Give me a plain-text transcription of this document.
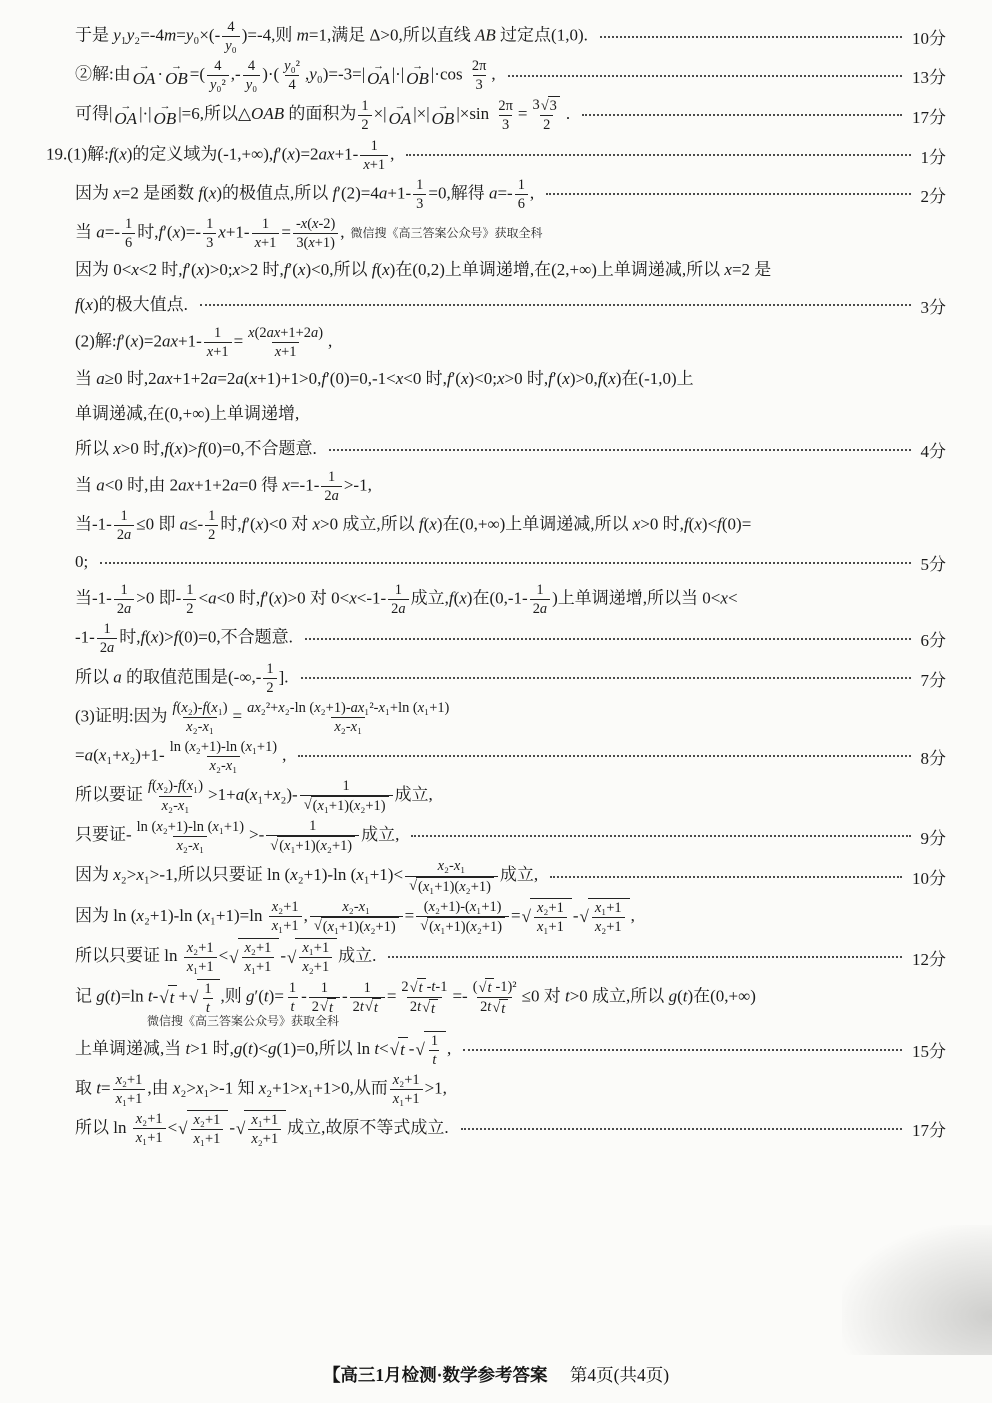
于是 $y_1y_2=-4m=y_0\times(- \frac{4}{\text{y₀}} )=-4$,则 m=1,满足 Δ>0,所以直线 AB 过定点(1,0).	10分
②解:由 →
OA · →
OB =( $\frac{4}{\text{y₀²}}$ ,- $\frac{4}{\text{y₀}}$ )·( $\frac{\text{y₀²}}{4} ,y_0)=-3=|$ →
OA |·| →
OB $|\cdot\cos \frac{2\pi}{3}$ ,	13分
可得| →
OA |·| →
OB |=6,所以△OAB 的面积为 $\frac{1}{2}$ ×| →
OA |×| →
OB $|\times\sin \frac{2\pi}{3} = \frac{3 √ 3}{2}$ .	17分
19.(1)解:f(x)的定义域为$(-1,+\infty),f'(x)=2ax+1- \frac{1}{x+1}$ ,	1分
因为 x=2 是函数 f(x)的极值点,所以 $f'(2)=4a+1- \frac{1}{3} =0$,解得 $a=- \frac{1}{6}$ ,	2分
当 $a=- \frac{1}{6}$ 时$,f'(x)=- \frac{1}{3} x+1- \frac{1}{x+1} = \frac{-x(x-2)}{3(x+1)}$ , 微信搜《高三答案公众号》获取全科
因为 0<x<2 时,f′(x)>0;x>2 时,f′(x)<0,所以 f(x)在(0,2)上单调递增,在(2,+∞)上单调递减,所以 x=2 是
f(x)的极大值点.	3分
(2)解:f′(x)=2ax+1- $\frac{1}{x+1} = \frac{x(2ax+1+2a)}{x+1}$ ,
当 a≥0 时,2ax+1+2a=2a(x+1)+1>0,f′(0)=0,-1<x<0 时,f′(x)<0;x>0 时,f′(x)>0,f(x)在(-1,0)上
单调递减,在(0,+∞)上单调递增,
所以 x>0 时,f(x)>f(0)=0,不合题意.	4分
当 a<0 时,由 2ax+1+2a=0 得 $x=-1- \frac{1}{2a} >-1$,
当$-1- \frac{1}{2a} \le 0$ 即 $a\le- \frac{1}{2}$ 时,f′(x)<0 对 x>0 成立,所以 f(x)在(0,+∞)上单调递减,所以 x>0 时,f(x)<f(0)=
0;	5分
当$-1- \frac{1}{2a} >0$ 即- $\frac{1}{2} <a<0$ 时,f′(x)>0 对 $0<x<-1- \frac{1}{2a}$ 成立,f(x)在($0,-1- \frac{1}{2a}$ )上单调递增,所以当 0<x<
$-1- \frac{1}{2a}$ 时,f(x)>f(0)=0,不合题意.	6分
所以 a 的取值范围是(-∞,- $\frac{1}{2}$ ].	7分
(3)证明:因为 $\frac{\text{f(x₂)-f(x₁)}}{\text{x₂-x₁}} = \frac{\text{ax₂²+x₂-ln (x₂+1)-ax₁²-x₁+ln (x₁+1)}}{\text{x₂-x₁}}$
$=a(x_1+x_2)+1- \frac{\text{ln (x₂+1)-ln (x₁+1)}}{\text{x₂-x₁}}$ ,	8分
所以要证 $\frac{\text{f(x₂)-f(x₁)}}{\text{x₂-x₁}} >1+a(x_1+x_2)- \frac{1}{\text{√ (x₁+1)(x₂+1)}}$ 成立,
只要证- $\frac{\text{ln (x₂+1)-ln (x₁+1)}}{\text{x₂-x₁}} >- \frac{1}{\text{√ (x₁+1)(x₂+1)}}$ 成立,	9分
因为 x₂>x₁>-1,所以只要证 ln (x₂+1)-ln $(x_1+1)< \frac{\text{x₂-x₁}}{\text{√ (x₁+1)(x₂+1)}}$ 成立,	10分
因为 ln (x₂+1)-ln $(x_1+1)=\ln \frac{\text{x₂+1}}{\text{x₁+1}}$ , $\frac{\text{x₂-x₁}}{\text{√ (x₁+1)(x₂+1)}} = \frac{\text{(x₂+1)-(x₁+1)}}{\text{√ (x₁+1)(x₂+1)}}$ = √ $\frac{\text{x₂+1}}{\text{x₁+1}}$ - √ $\frac{\text{x₁+1}}{\text{x₂+1}}$ ,
所以只要证 $\ln \frac{\text{x₂+1}}{\text{x₁+1}}$ < √ $\frac{\text{x₂+1}}{\text{x₁+1}}$ - √ $\frac{\text{x₁+1}}{\text{x₂+1}}$ 成立.	12分
记 g(t)=ln t- √ t + √ $\frac{1}{t}$ ,则 $g'(t)= \frac{1}{t} - \frac{1}{2 √ t} - \frac{1}{2t √ t} = \frac{2 √ t -t-1}{2t √ t} =- \frac{\text{( √ t -1)²}}{2t √ t} \le 0$ 对 t>0 成立,所以 g(t)在(0,+∞)
微信搜《高三答案公众号》获取全科
上单调递减,当 t>1 时,g(t)<g(1)=0,所以 ln t< √ t - √ $\frac{1}{t}$ ,	15分
取 $t= \frac{\text{x₂+1}}{\text{x₁+1}}$ ,由 x₂>x₁>-1 知 x₂+1>x₁+1>0,从而 $\frac{\text{x₂+1}}{\text{x₁+1}} >1$,
所以 $\ln \frac{\text{x₂+1}}{\text{x₁+1}}$ < √ $\frac{\text{x₂+1}}{\text{x₁+1}}$ - √ $\frac{\text{x₁+1}}{\text{x₂+1}}$ 成立,故原不等式成立.	17分
【高三1月检测·数学参考答案 第4页(共4页)
